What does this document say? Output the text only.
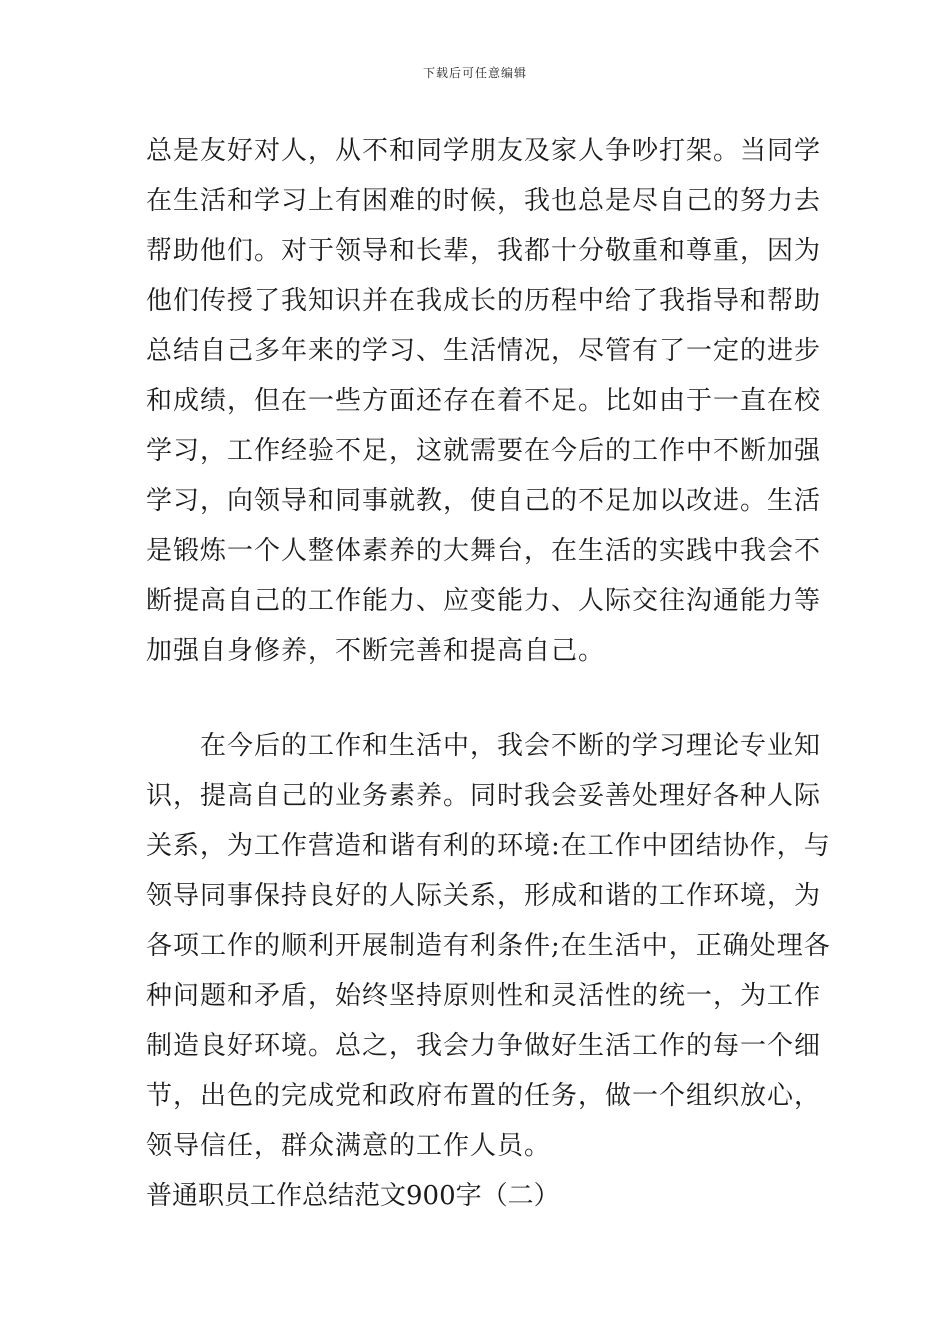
下载后可任意编辑
总是友好对人，从不和同学朋友及家人争吵打架。当同学
在生活和学习上有困难的时候，我也总是尽自己的努力去
帮助他们。对于领导和长辈，我都十分敬重和尊重，因为
他们传授了我知识并在我成长的历程中给了我指导和帮助
总结自己多年来的学习、生活情况，尽管有了一定的进步
和成绩，但在一些方面还存在着不足。比如由于一直在校
学习，工作经验不足，这就需要在今后的工作中不断加强
学习，向领导和同事就教，使自己的不足加以改进。生活
是锻炼一个人整体素养的大舞台，在生活的实践中我会不
断提高自己的工作能力、应变能力、人际交往沟通能力等
加强自身修养，不断完善和提高自己。
　　在今后的工作和生活中，我会不断的学习理论专业知
识，提高自己的业务素养。同时我会妥善处理好各种人际
关系，为工作营造和谐有利的环境:在工作中团结协作，与
领导同事保持良好的人际关系，形成和谐的工作环境，为
各项工作的顺利开展制造有利条件;在生活中，正确处理各
种问题和矛盾，始终坚持原则性和灵活性的统一，为工作
制造良好环境。总之，我会力争做好生活工作的每一个细
节，出色的完成党和政府布置的任务，做一个组织放心，
领导信任，群众满意的工作人员。
普通职员工作总结范文900字（二）
